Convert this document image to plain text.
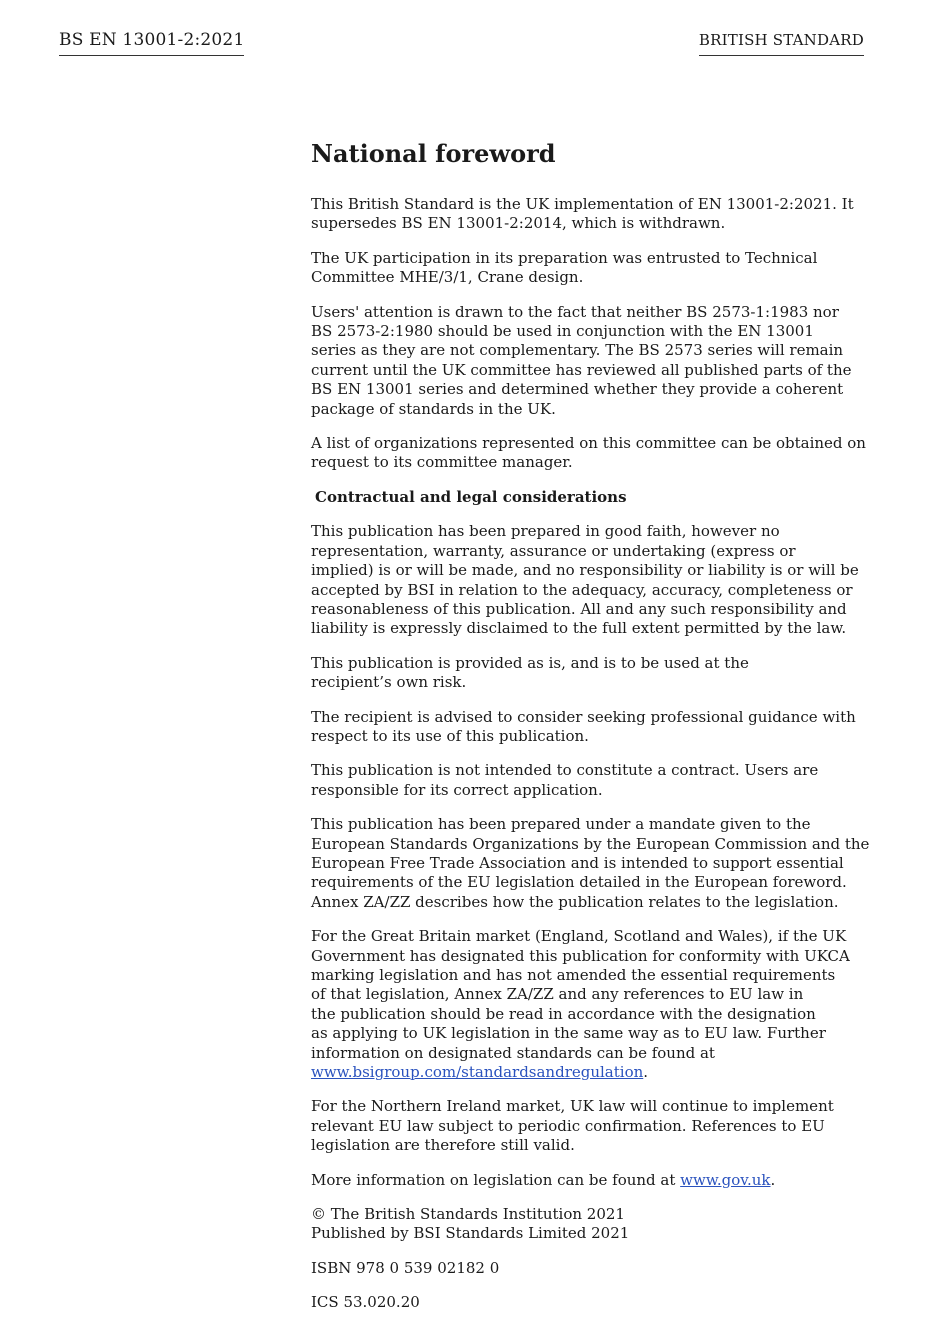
BS EN 13001-2:2021	BRITISH STANDARD
National foreword
This British Standard is the UK implementation of EN 13001-2:2021. It
supersedes BS EN 13001-2:2014, which is withdrawn.
The UK participation in its preparation was entrusted to Technical
Committee MHE/3/1, Crane design.
Users' attention is drawn to the fact that neither BS 2573-1:1983 nor
BS 2573-2:1980 should be used in conjunction with the EN 13001
series as they are not complementary. The BS 2573 series will remain
current until the UK committee has reviewed all published parts of the
BS EN 13001 series and determined whether they provide a coherent
package of standards in the UK.
A list of organizations represented on this committee can be obtained on
request to its committee manager.
Contractual and legal considerations
This publication has been prepared in good faith, however no
representation, warranty, assurance or undertaking (express or
implied) is or will be made, and no responsibility or liability is or will be
accepted by BSI in relation to the adequacy, accuracy, completeness or
reasonableness of this publication. All and any such responsibility and
liability is expressly disclaimed to the full extent permitted by the law.
This publication is provided as is, and is to be used at the
recipient’s own risk.
The recipient is advised to consider seeking professional guidance with
respect to its use of this publication.
This publication is not intended to constitute a contract. Users are
responsible for its correct application.
This publication has been prepared under a mandate given to the
European Standards Organizations by the European Commission and the
European Free Trade Association and is intended to support essential
requirements of the EU legislation detailed in the European foreword.
Annex ZA/ZZ describes how the publication relates to the legislation.
For the Great Britain market (England, Scotland and Wales), if the UK
Government has designated this publication for conformity with UKCA
marking legislation and has not amended the essential requirements
of that legislation, Annex ZA/ZZ and any references to EU law in
the publication should be read in accordance with the designation
as applying to UK legislation in the same way as to EU law. Further
information on designated standards can be found at
www.bsigroup.com/standardsandregulation.
For the Northern Ireland market, UK law will continue to implement
relevant EU law subject to periodic confirmation. References to EU
legislation are therefore still valid.
More information on legislation can be found at www.gov.uk.
© The British Standards Institution 2021
Published by BSI Standards Limited 2021
ISBN 978 0 539 02182 0
ICS 53.020.20
